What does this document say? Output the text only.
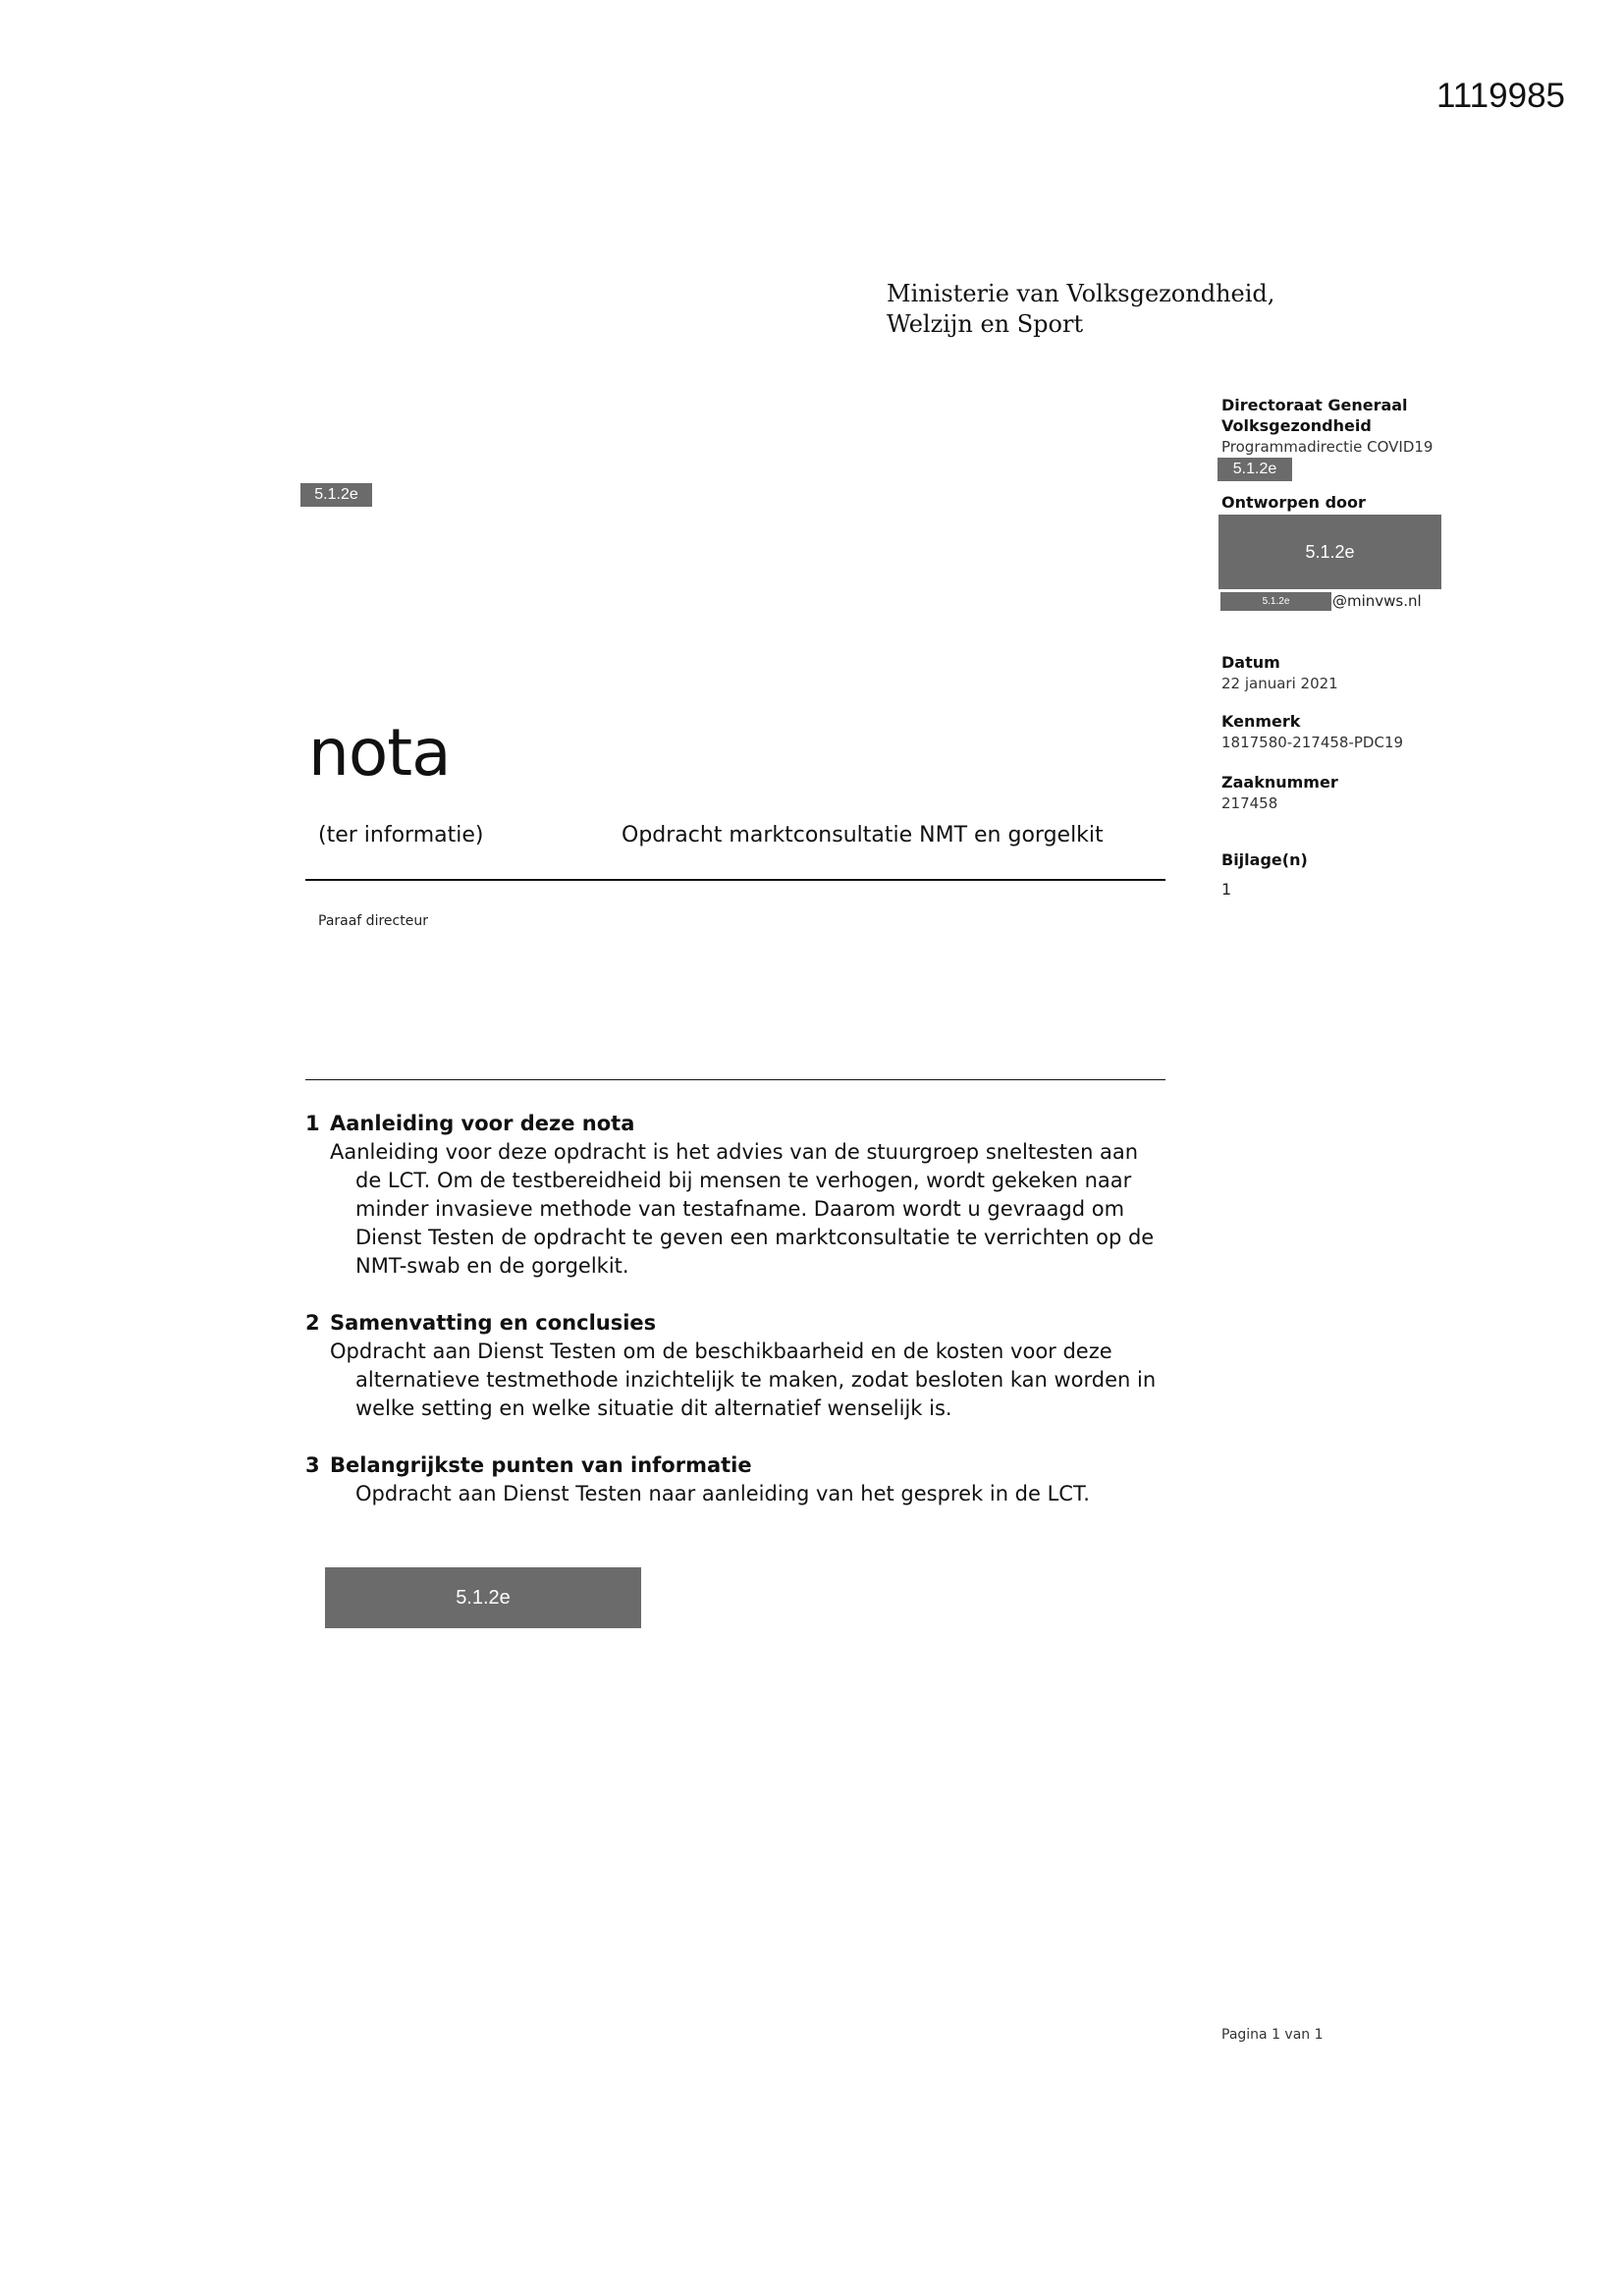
1119985
Ministerie van Volksgezondheid,
Welzijn en Sport
5.1.2e
Directoraat Generaal
Volksgezondheid
Programmadirectie COVID19
5.1.2e
Ontworpen door
5.1.2e
5.1.2e	@minvws.nl
Datum
22 januari 2021
Kenmerk
1817580-217458-PDC19
Zaaknummer
217458
Bijlage(n)
1
nota
(ter informatie)	Opdracht marktconsultatie NMT en gorgelkit
Paraaf directeur
1 Aanleiding voor deze nota
Aanleiding voor deze opdracht is het advies van de stuurgroep sneltesten aan
de LCT. Om de testbereidheid bij mensen te verhogen, wordt gekeken naar
minder invasieve methode van testafname. Daarom wordt u gevraagd om
Dienst Testen de opdracht te geven een marktconsultatie te verrichten op de
NMT-swab en de gorgelkit.
2 Samenvatting en conclusies
Opdracht aan Dienst Testen om de beschikbaarheid en de kosten voor deze
alternatieve testmethode inzichtelijk te maken, zodat besloten kan worden in
welke setting en welke situatie dit alternatief wenselijk is.
3 Belangrijkste punten van informatie
Opdracht aan Dienst Testen naar aanleiding van het gesprek in de LCT.
5.1.2e
Pagina 1 van 1
